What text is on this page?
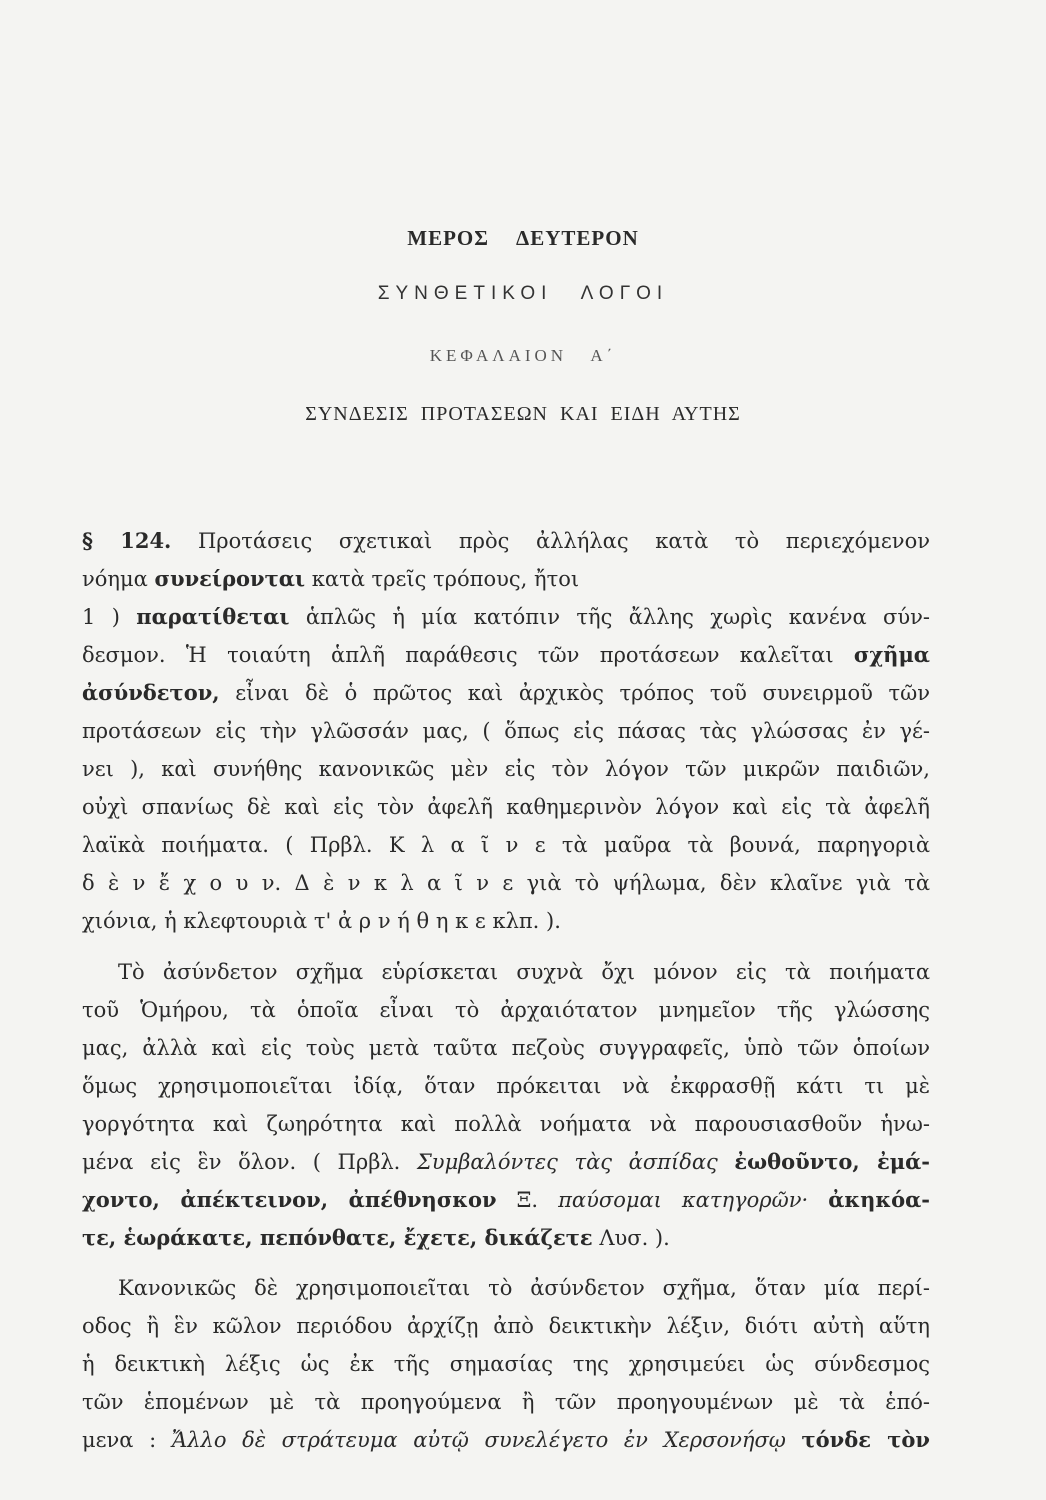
ΜΕΡΟΣ ΔΕΥΤΕΡΟΝ
ΣΥΝΘΕΤΙΚΟΙ ΛΟΓΟΙ
ΚΕΦΑΛΑΙΟΝ Α΄
ΣΥΝΔΕΣΙΣ ΠΡΟΤΑΣΕΩΝ ΚΑΙ ΕΙΔΗ ΑΥΤΗΣ
§ 124. Προτάσεις σχετικαὶ πρὸς ἀλλήλας κατὰ τὸ περιεχόμενον
νόημα συνείρονται κατὰ τρεῖς τρόπους, ἤτοι
1 ) παρατίθεται ἁπλῶς ἡ μία κατόπιν τῆς ἄλλης χωρὶς κανένα σύν-
δεσμον. Ἡ τοιαύτη ἁπλῆ παράθεσις τῶν προτάσεων καλεῖται σχῆμα
ἀσύνδετον, εἶναι δὲ ὁ πρῶτος καὶ ἀρχικὸς τρόπος τοῦ συνειρμοῦ τῶν
προτάσεων εἰς τὴν γλῶσσάν μας, ( ὅπως εἰς πάσας τὰς γλώσσας ἐν γέ-
νει ), καὶ συνήθης κανονικῶς μὲν εἰς τὸν λόγον τῶν μικρῶν παιδιῶν,
οὐχὶ σπανίως δὲ καὶ εἰς τὸν ἀφελῆ καθημερινὸν λόγον καὶ εἰς τὰ ἀφελῆ
λαϊκὰ ποιήματα. ( Πρβλ. Κ λ α ῖ ν ε τὰ μαῦρα τὰ βουνά, παρηγοριὰ
δ ὲ ν ἔ χ ο υ ν. Δ ὲ ν κ λ α ῖ ν ε γιὰ τὸ ψήλωμα, δὲν κλαῖνε γιὰ τὰ
χιόνια, ἡ κλεφτουριὰ τ' ἀ ρ ν ή θ η κ ε κλπ. ).
Τὸ ἀσύνδετον σχῆμα εὑρίσκεται συχνὰ ὄχι μόνον εἰς τὰ ποιήματα
τοῦ Ὁμήρου, τὰ ὁποῖα εἶναι τὸ ἀρχαιότατον μνημεῖον τῆς γλώσσης
μας, ἀλλὰ καὶ εἰς τοὺς μετὰ ταῦτα πεζοὺς συγγραφεῖς, ὑπὸ τῶν ὁποίων
ὅμως χρησιμοποιεῖται ἰδίᾳ, ὅταν πρόκειται νὰ ἐκφρασθῇ κάτι τι μὲ
γοργότητα καὶ ζωηρότητα καὶ πολλὰ νοήματα νὰ παρουσιασθοῦν ἡνω-
μένα εἰς ἓν ὅλον. ( Πρβλ. Συμβαλόντες τὰς ἀσπίδας ἐωθοῦντο, ἐμά-
χοντο, ἀπέκτεινον, ἀπέθνησκον Ξ. παύσομαι κατηγορῶν· ἀκηκόα-
τε, ἑωράκατε, πεπόνθατε, ἔχετε, δικάζετε Λυσ. ).
Κανονικῶς δὲ χρησιμοποιεῖται τὸ ἀσύνδετον σχῆμα, ὅταν μία περί-
οδος ἢ ἓν κῶλον περιόδου ἀρχίζῃ ἀπὸ δεικτικὴν λέξιν, διότι αὐτὴ αὕτη
ἡ δεικτικὴ λέξις ὡς ἐκ τῆς σημασίας της χρησιμεύει ὡς σύνδεσμος
τῶν ἑπομένων μὲ τὰ προηγούμενα ἢ τῶν προηγουμένων μὲ τὰ ἑπό-
μενα : Ἄλλο δὲ στράτευμα αὐτῷ συνελέγετο ἐν Χερσονήσῳ τόνδε τὸν
